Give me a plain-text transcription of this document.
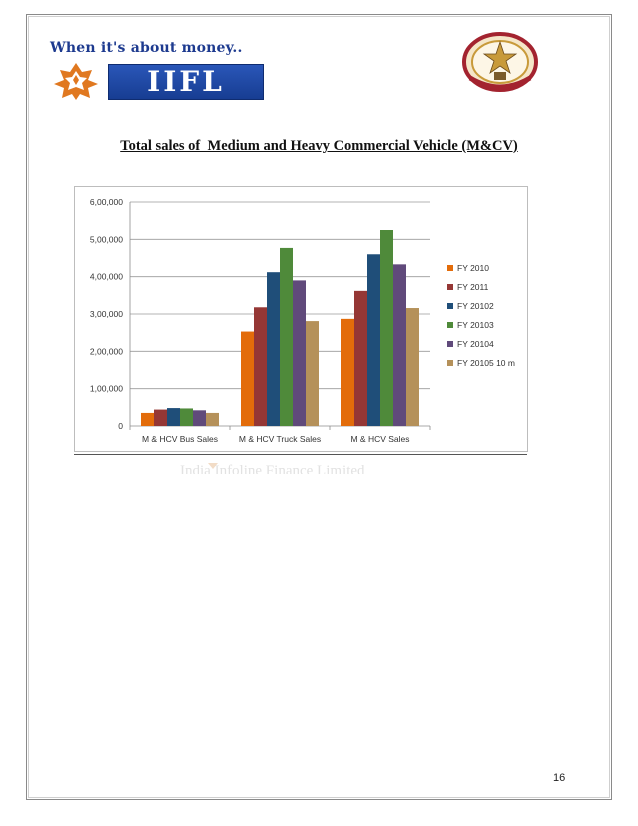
When it's about money..

IIFL

Total sales of  Medium and Heavy Commercial Vehicle (M&CV)

0
1,00,000
2,00,000
3,00,000
4,00,000
5,00,000
6,00,000
M & HCV Bus Sales M & HCV Truck Sales	M & HCV Sales
FY 2010
FY 2011
FY 20102
FY 20103
FY 20104
FY 20105 10 m
India Infoline Finance Limited

16
